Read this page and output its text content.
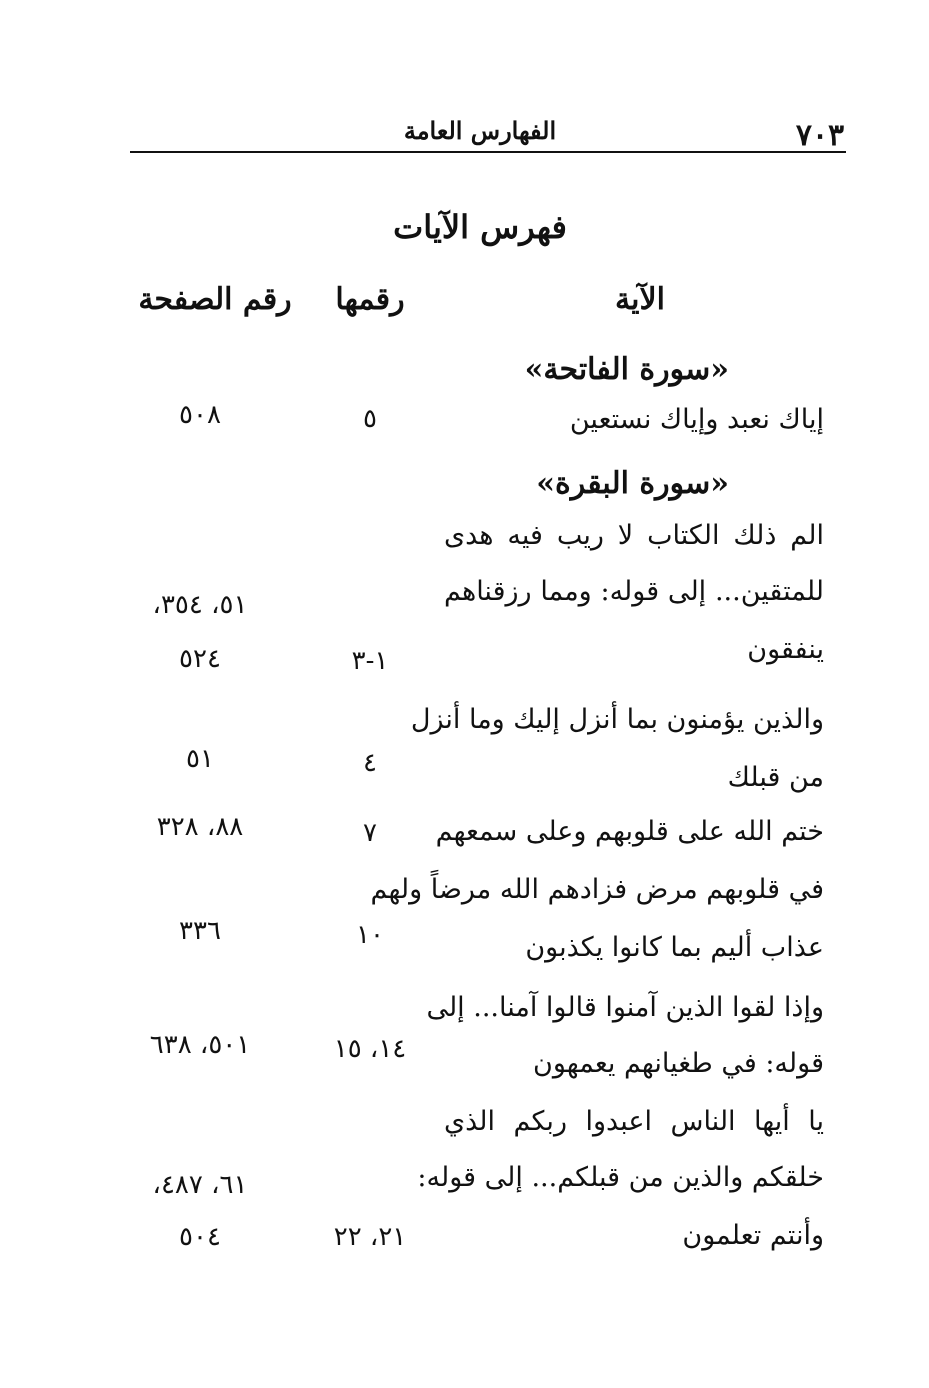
٧٠٣
الفهارس العامة
فهرس الآيات
الآية
رقمها
رقم الصفحة
«سورة الفاتحة»
إياك نعبد وإياك نستعين
٥
٥٠٨
«سورة البقرة»
الم ذلك الكتاب لا ريب فيه هدى
للمتقين... إلى قوله: ومما رزقناهم
ينفقون
١-٣
٥١، ٣٥٤،
٥٢٤
والذين يؤمنون بما أنزل إليك وما أنزل
من قبلك
٤
٥١
ختم الله على قلوبهم وعلى سمعهم
٧
٨٨، ٣٢٨
في قلوبهم مرض فزادهم الله مرضاً ولهم
عذاب أليم بما كانوا يكذبون
١٠
٣٣٦
وإذا لقوا الذين آمنوا قالوا آمنا... إلى
قوله: في طغيانهم يعمهون
١٤، ١٥
٥٠١، ٦٣٨
يا أيها الناس اعبدوا ربكم الذي
خلقكم والذين من قبلكم... إلى قوله:
وأنتم تعلمون
٢١، ٢٢
٦١، ٤٨٧،
٥٠٤
